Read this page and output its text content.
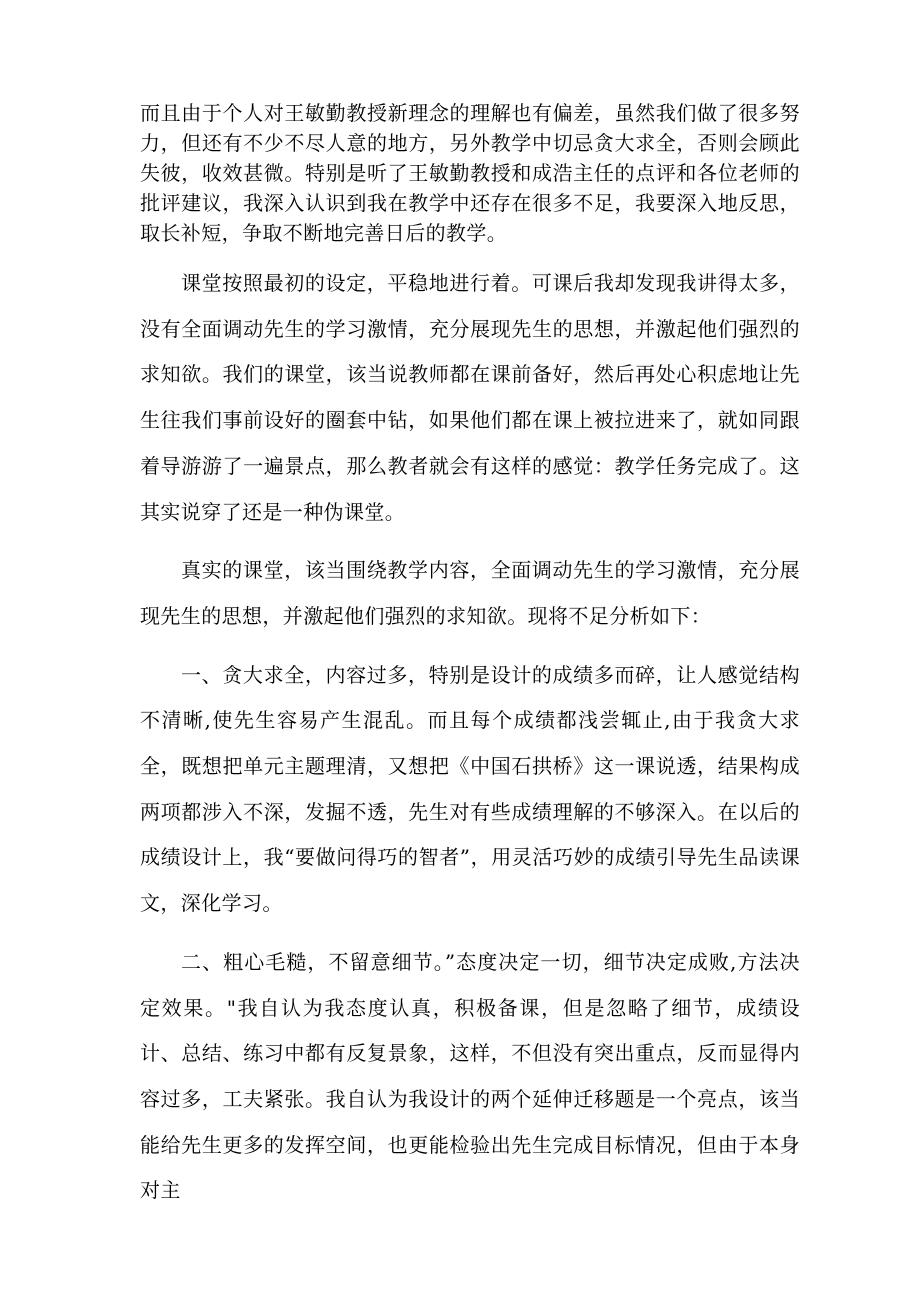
而且由于个人对王敏勤教授新理念的理解也有偏差，虽然我们做了很多努力，但还有不少不尽人意的地方，另外教学中切忌贪大求全，否则会顾此失彼，收效甚微。特别是听了王敏勤教授和成浩主任的点评和各位老师的批评建议，我深入认识到我在教学中还存在很多不足，我要深入地反思，取长补短，争取不断地完善日后的教学。

课堂按照最初的设定，平稳地进行着。可课后我却发现我讲得太多，没有全面调动先生的学习激情，充分展现先生的思想，并激起他们强烈的求知欲。我们的课堂，该当说教师都在课前备好，然后再处心积虑地让先生往我们事前设好的圈套中钻，如果他们都在课上被拉进来了，就如同跟着导游游了一遍景点，那么教者就会有这样的感觉：教学任务完成了。这其实说穿了还是一种伪课堂。

真实的课堂，该当围绕教学内容，全面调动先生的学习激情，充分展现先生的思想，并激起他们强烈的求知欲。现将不足分析如下：

一、贪大求全，内容过多，特别是设计的成绩多而碎，让人感觉结构不清晰,使先生容易产生混乱。而且每个成绩都浅尝辄止,由于我贪大求全，既想把单元主题理清，又想把《中国石拱桥》这一课说透，结果构成两项都涉入不深，发掘不透，先生对有些成绩理解的不够深入。在以后的成绩设计上，我“要做问得巧的智者”，用灵活巧妙的成绩引导先生品读课文，深化学习。

二、粗心毛糙，不留意细节。”态度决定一切，细节决定成败,方法决定效果。"我自认为我态度认真，积极备课，但是忽略了细节，成绩设计、总结、练习中都有反复景象，这样，不但没有突出重点，反而显得内容过多，工夫紧张。我自认为我设计的两个延伸迁移题是一个亮点，该当能给先生更多的发挥空间，也更能检验出先生完成目标情况，但由于本身对主
